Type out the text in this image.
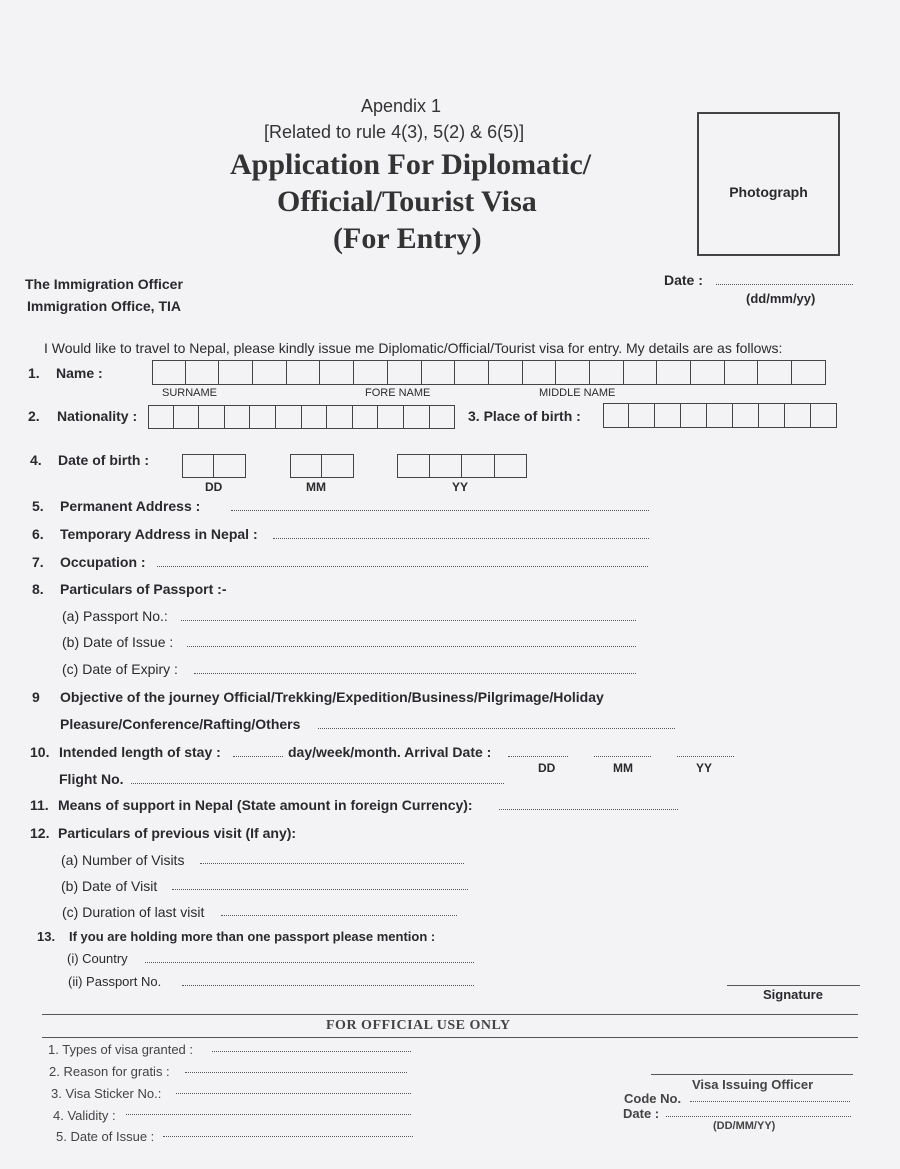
Apendix 1
[Related to rule 4(3), 5(2) & 6(5)]
Application For Diplomatic/
Official/Tourist Visa
(For Entry)
Photograph
The Immigration Officer
Immigration Office, TIA
Date :
(dd/mm/yy)
I Would like to travel to Nepal, please kindly issue me Diplomatic/Official/Tourist visa for entry. My details are as follows:
1. Name :
SURNAME	FORE NAME	MIDDLE NAME
2. Nationality :	3. Place of birth :
4. Date of birth :
DD	MM	YY
5. Permanent Address :
6. Temporary Address in Nepal :
7. Occupation :
8. Particulars of Passport :-
(a) Passport No.:
(b) Date of Issue :
(c) Date of Expiry :
9 Objective of the journey Official/Trekking/Expedition/Business/Pilgrimage/Holiday
Pleasure/Conference/Rafting/Others
10. Intended length of stay :	day/week/month. Arrival Date :
DD	MM	YY
Flight No.
11. Means of support in Nepal (State amount in foreign Currency):
12. Particulars of previous visit (If any):
(a) Number of Visits
(b) Date of Visit
(c) Duration of last visit
13. If you are holding more than one passport please mention :
(i) Country
(ii) Passport No.
Signature
FOR OFFICIAL USE ONLY
1. Types of visa granted :
2. Reason for gratis :
3. Visa Sticker No.:
4. Validity :
5. Date of Issue :
Visa Issuing Officer
Code No.
Date :
(DD/MM/YY)
